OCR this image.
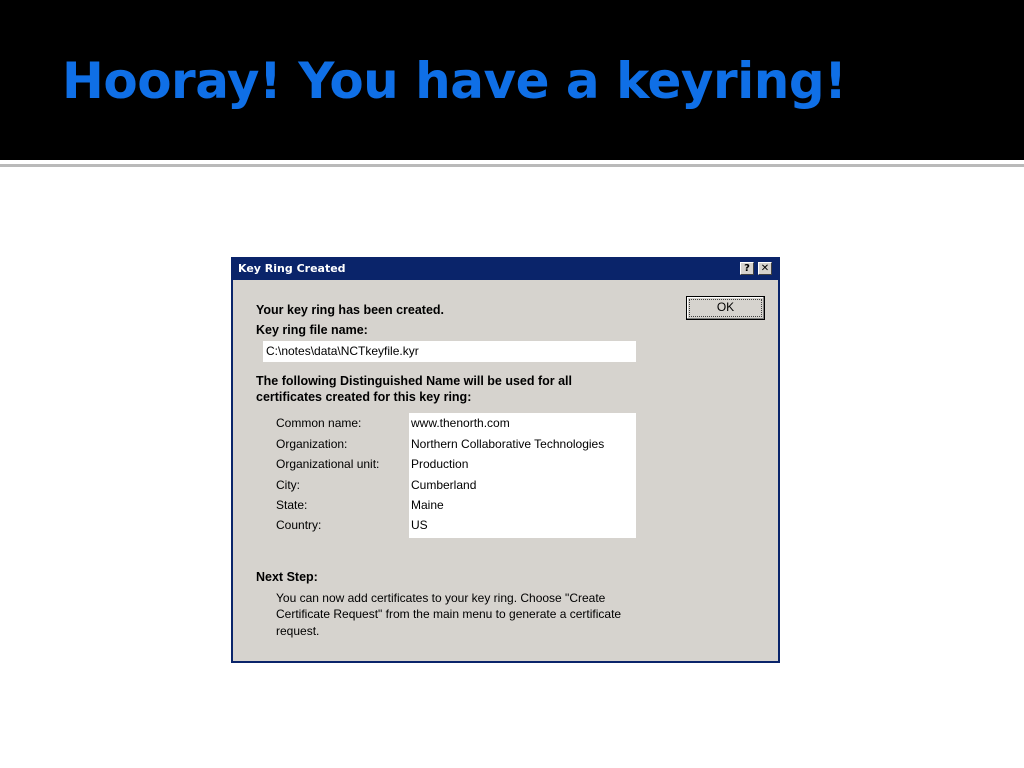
Hooray! You have a keyring!
Key Ring Created	?	✕
OK
Your key ring has been created.
Key ring file name:
C:\notes\data\NCTkeyfile.kyr
The following Distinguished Name will be used for all
certificates created for this key ring:
Common name:	www.thenorth.com
Organization:	Northern Collaborative Technologies
Organizational unit:	Production
City:	Cumberland
State:	Maine
Country:	US
Next Step:
You can now add certificates to your key ring. Choose "Create
Certificate Request" from the main menu to generate a certificate
request.
